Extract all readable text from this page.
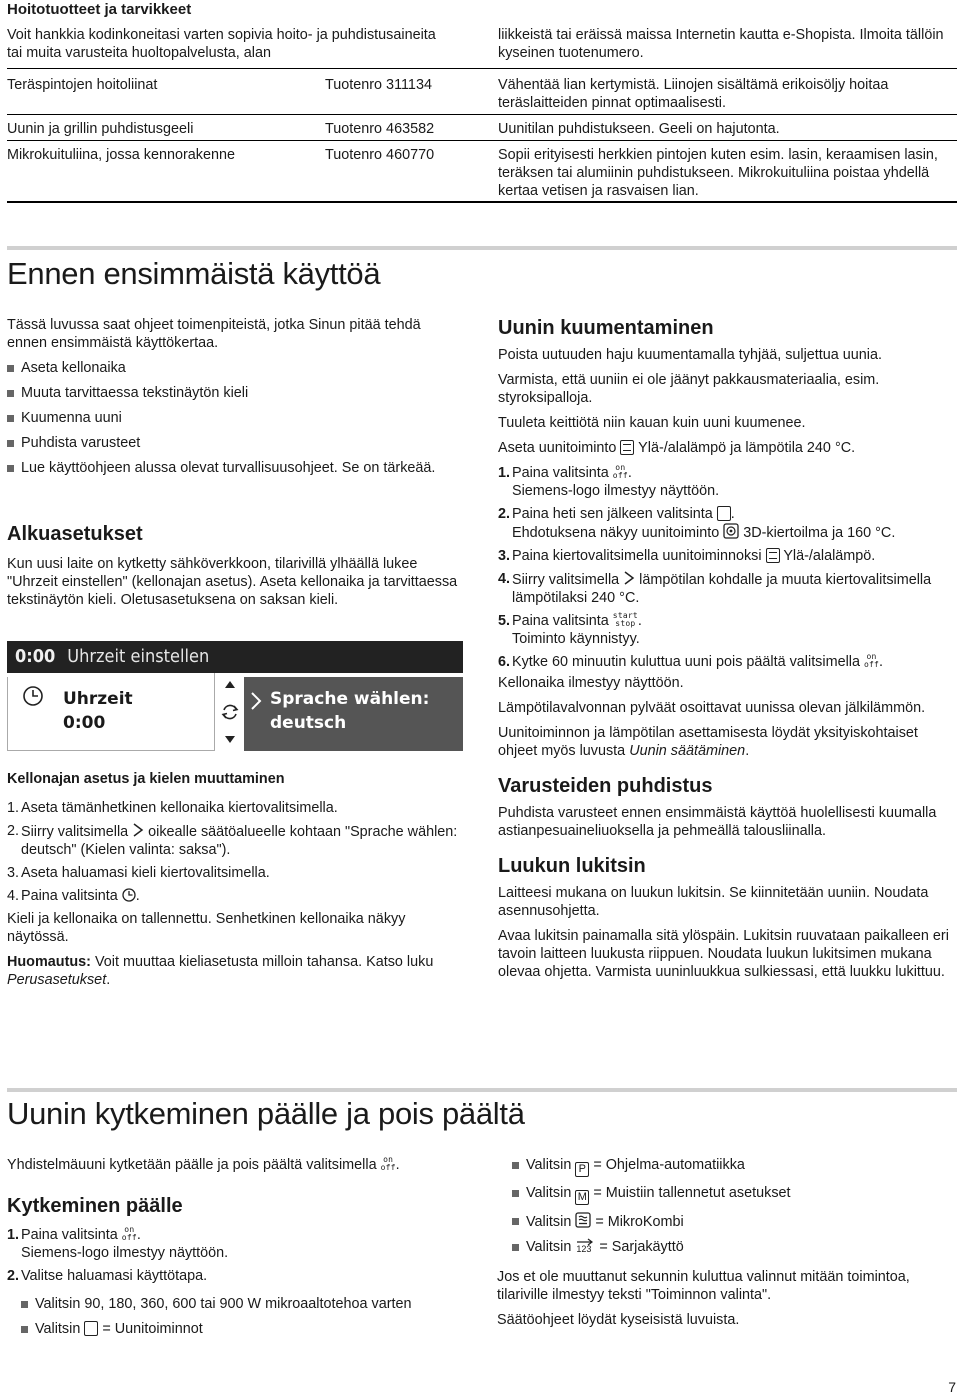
Hoitotuotteet ja tarvikkeet
Voit hankkia kodinkoneitasi varten sopivia hoito- ja puhdistusaineita tai muita varusteita huoltopalvelusta, alan
liikkeistä tai eräissä maissa Internetin kautta e-Shopista. Ilmoita tällöin kyseinen tuotenumero.
Teräspintojen hoitoliinat	Tuotenro 311134	Vähentää lian kertymistä. Liinojen sisältämä erikoisöljy hoitaa teräslaitteiden pinnat optimaalisesti.
Uunin ja grillin puhdistusgeeli	Tuotenro 463582	Uunitilan puhdistukseen. Geeli on hajutonta.
Mikrokuituliina, jossa kennorakenne	Tuotenro 460770	Sopii erityisesti herkkien pintojen kuten esim. lasin, keraamisen lasin, teräksen tai alumiinin puhdistukseen. Mikrokuituliina poistaa yhdellä kertaa vetisen ja rasvaisen lian.
Ennen ensimmäistä käyttöä

Tässä luvussa saat ohjeet toimenpiteistä, jotka Sinun pitää tehdä ennen ensimmäistä käyttökertaa.

Aseta kellonaika
Muuta tarvittaessa tekstinäytön kieli
Kuumenna uuni
Puhdista varusteet
Lue käyttöohjeen alussa olevat turvallisuusohjeet. Se on tärkeää.
Alkuasetukset
Kun uusi laite on kytketty sähköverkkoon, tilarivillä ylhäällä lukee "Uhrzeit einstellen" (kellonajan asetus). Aseta kellonaika ja tarvittaessa tekstinäytön kieli. Oletusasetuksena on saksan kieli.
0:00 Uhrzeit einstellen
Uhrzeit
0:00
Sprache wählen:
deutsch

Kellonajan asetus ja kielen muuttaminen

1. Aseta tämänhetkinen kellonaika kiertovalitsimella.
2. Siirry valitsimella oikealle säätöalueelle kohtaan "Sprache wählen: deutsch" (Kielen valinta: saksa").
3. Aseta haluamasi kieli kiertovalitsimella.
4. Paina valitsinta .

Kieli ja kellonaika on tallennettu. Senhetkinen kellonaika näkyy näytössä.

Huomautus: Voit muuttaa kieliasetusta milloin tahansa. Katso luku Perusasetukset.

Uunin kuumentaminen

Poista uutuuden haju kuumentamalla tyhjää, suljettua uunia.

Varmista, että uuniin ei ole jäänyt pakkausmateriaalia, esim. styroksipalloja.

Tuuleta keittiötä niin kauan kuin uuni kuumenee.

Aseta uunitoiminto Ylä-/alalämpö ja lämpötila 240 °C.

1. Paina valitsinta on
off.
Siemens-logo ilmestyy näyttöön.
2. Paina heti sen jälkeen valitsinta .
Ehdotuksena näkyy uunitoiminto 3D-kiertoilma ja 160 °C.
3. Paina kiertovalitsimella uunitoiminnoksi Ylä-/alalämpö.
4. Siirry valitsimella lämpötilan kohdalle ja muuta kiertovalitsimella lämpötilaksi 240 °C.
5. Paina valitsinta start
stop .
Toiminto käynnistyy.
6. Kytke 60 minuutin kuluttua uuni pois päältä valitsimella on
off.

Kellonaika ilmestyy näyttöön.

Lämpötilavalvonnan pylväät osoittavat uunissa olevan jälkilämmön.

Uunitoiminnon ja lämpötilan asettamisesta löydät yksityiskohtaiset ohjeet myös luvusta Uunin säätäminen.

Varusteiden puhdistus

Puhdista varusteet ennen ensimmäistä käyttöä huolellisesti kuumalla astianpesuaineliuoksella ja pehmeällä talousliinalla.

Luukun lukitsin

Laitteesi mukana on luukun lukitsin. Se kiinnitetään uuniin. Noudata asennusohjetta.

Avaa lukitsin painamalla sitä ylöspäin. Lukitsin ruuvataan paikalleen eri tavoin laitteen luukusta riippuen. Noudata luukun lukitsimen mukana olevaa ohjetta. Varmista uuninluukkua sulkiessasi, että luukku lukittuu.

Uunin kytkeminen päälle ja pois päältä

Yhdistelmäuuni kytketään päälle ja pois päältä valitsimella on
off.

Kytkeminen päälle

1. Paina valitsinta on
off.
Siemens-logo ilmestyy näyttöön.
2. Valitse haluamasi käyttötapa.
Valitsin 90, 180, 360, 600 tai 900 W mikroaaltotehoa varten
Valitsin = Uunitoiminnot
Valitsin P = Ohjelma-automatiikka
Valitsin M = Muistiin tallennetut asetukset
Valitsin = MikroKombi
Valitsin 123 = Sarjakäyttö

Jos et ole muuttanut sekunnin kuluttua valinnut mitään toimintoa, tilariville ilmestyy teksti "Toiminnon valinta".

Säätöohjeet löydät kyseisistä luvuista.

7
